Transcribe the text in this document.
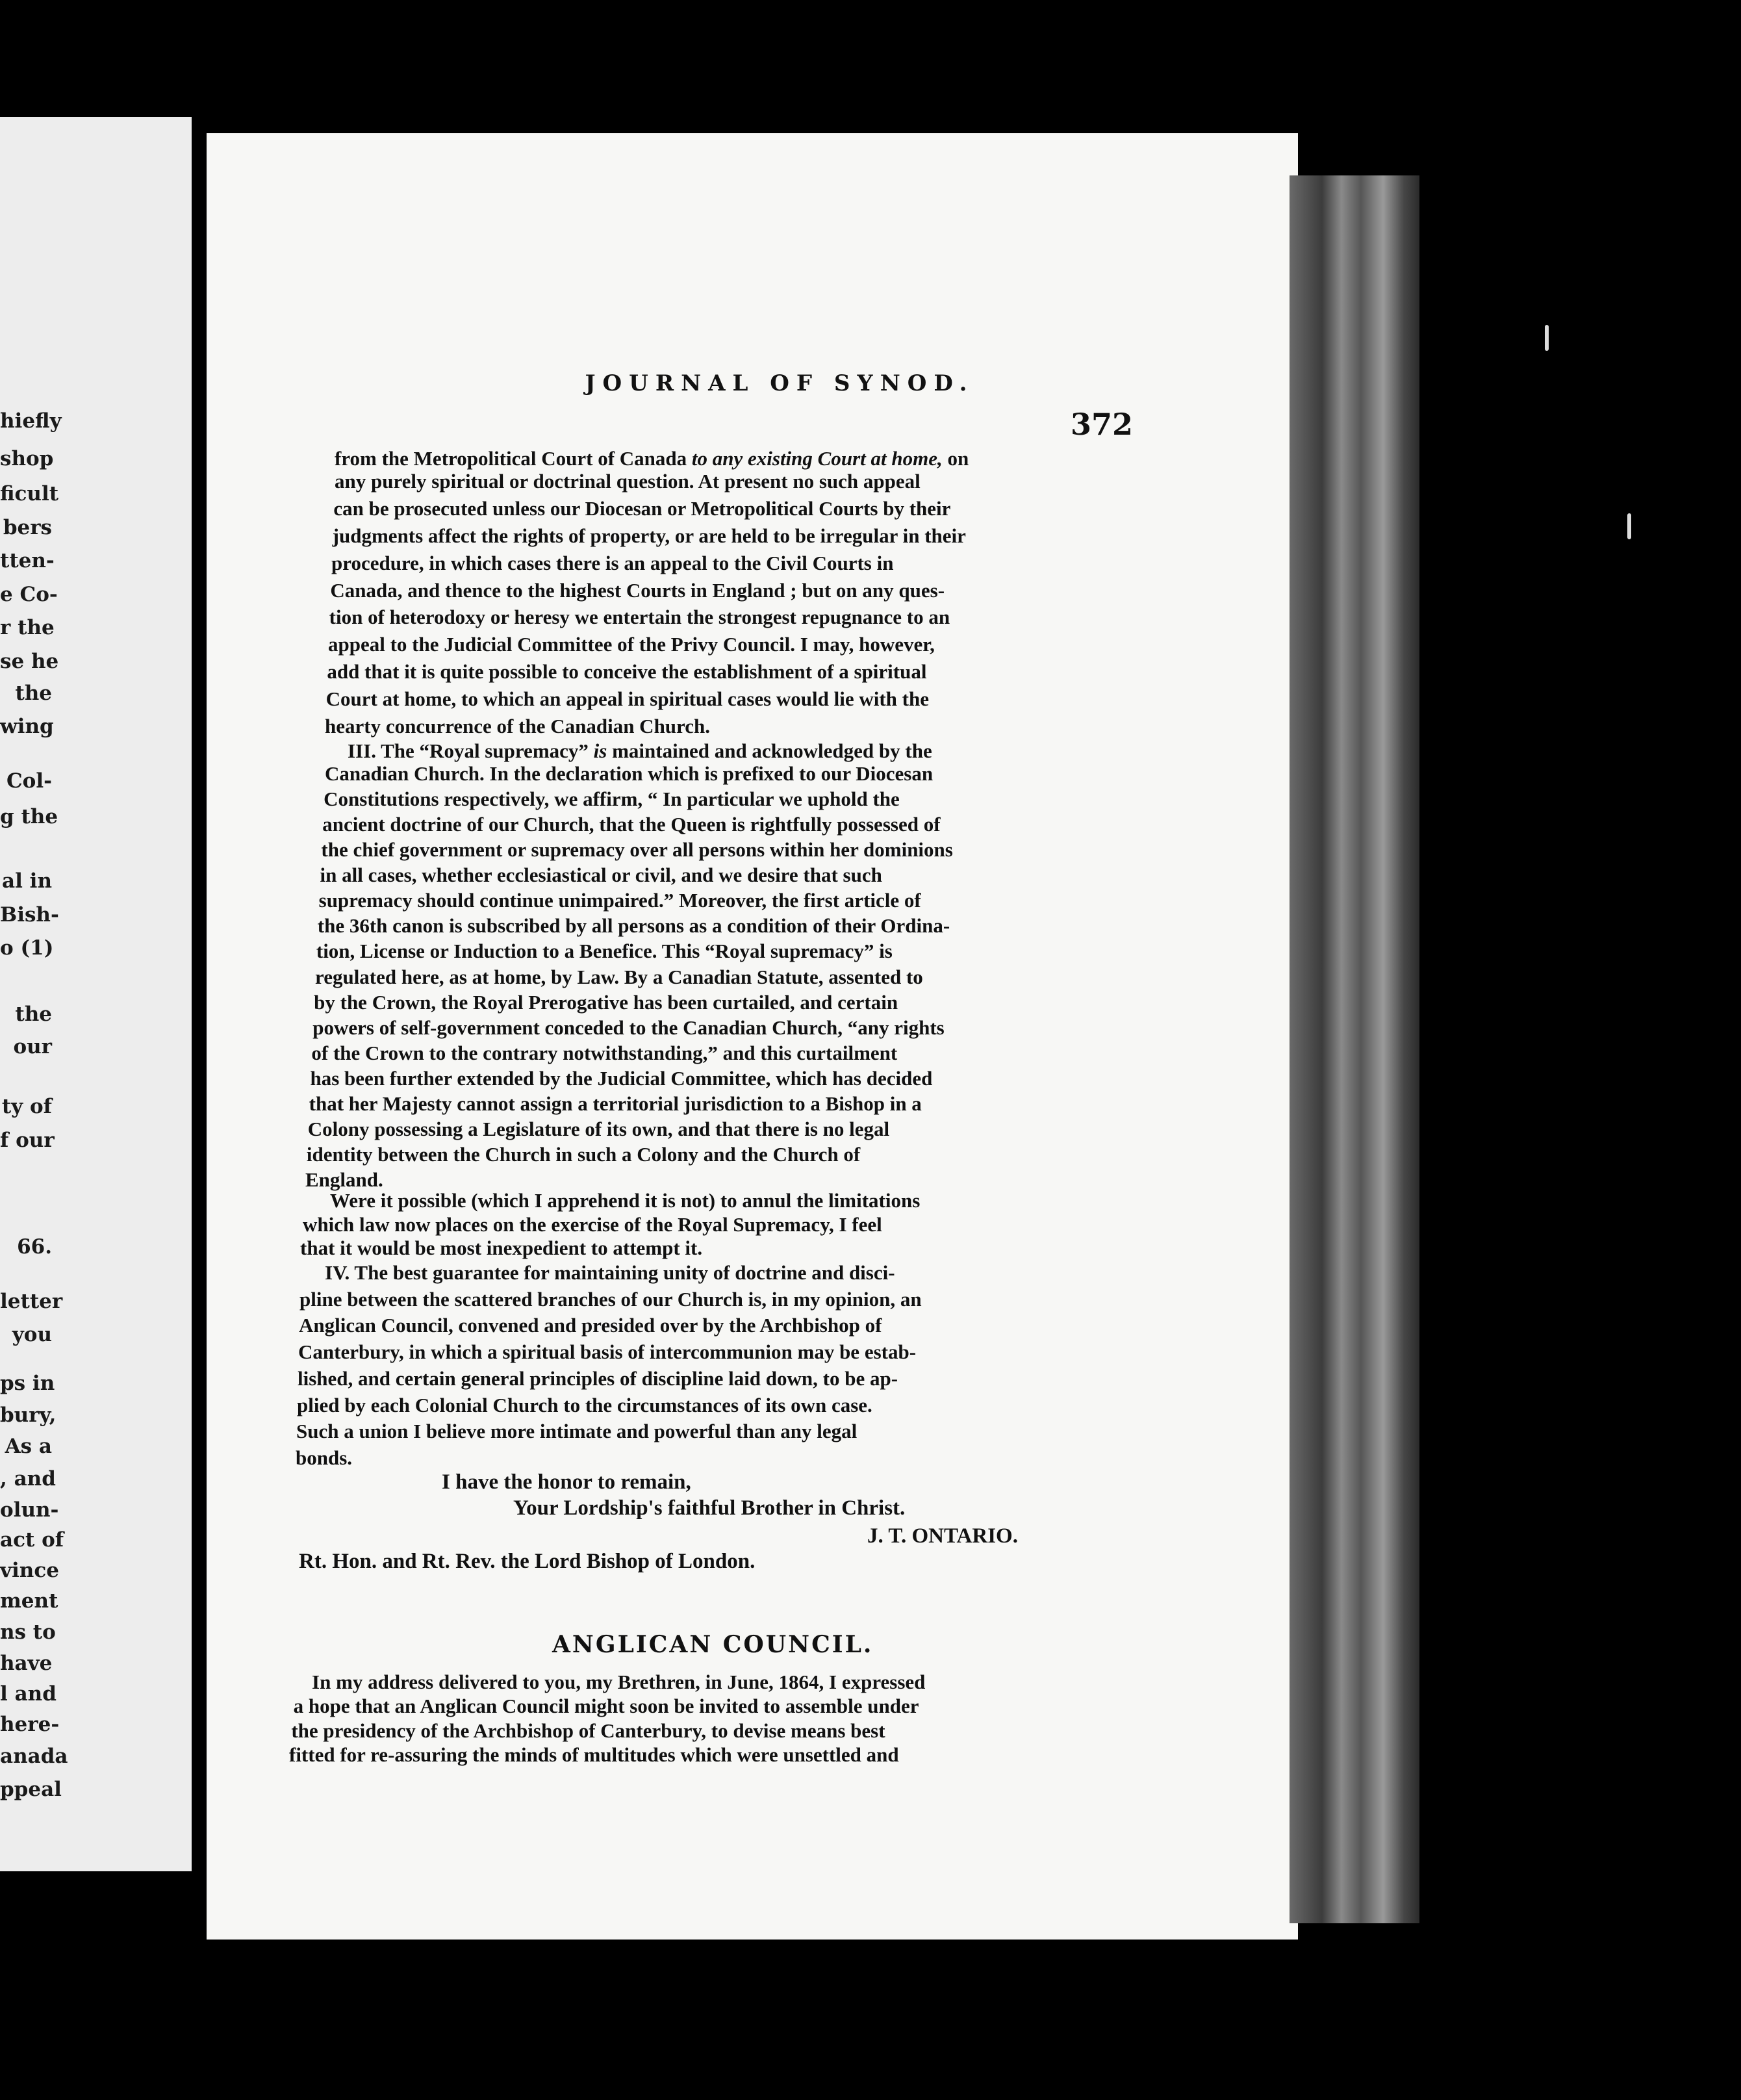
hiefly
shop
ficult
bers
tten-
e Co-
r the
se he
the
wing
Col-
g the
al in
Bish-
o (1)
the
our
ty of
f our
66.
letter
you
ps in
bury,
As a
, and
olun-
act of
vince
ment
ns to
have
l and
here-
anada
ppeal
JOURNAL OF SYNOD.
372
from the Metropolitical Court of Canada to any existing Court at home, on
any purely spiritual or doctrinal question. At present no such appeal
can be prosecuted unless our Diocesan or Metropolitical Courts by their
judgments affect the rights of property, or are held to be irregular in their
procedure, in which cases there is an appeal to the Civil Courts in
Canada, and thence to the highest Courts in England ; but on any ques-
tion of heterodoxy or heresy we entertain the strongest repugnance to an
appeal to the Judicial Committee of the Privy Council. I may, however,
add that it is quite possible to conceive the establishment of a spiritual
Court at home, to which an appeal in spiritual cases would lie with the
hearty concurrence of the Canadian Church.
III. The “Royal supremacy” is maintained and acknowledged by the
Canadian Church. In the declaration which is prefixed to our Diocesan
Constitutions respectively, we affirm, “ In particular we uphold the
ancient doctrine of our Church, that the Queen is rightfully possessed of
the chief government or supremacy over all persons within her dominions
in all cases, whether ecclesiastical or civil, and we desire that such
supremacy should continue unimpaired.” Moreover, the first article of
the 36th canon is subscribed by all persons as a condition of their Ordina-
tion, License or Induction to a Benefice. This “Royal supremacy” is
regulated here, as at home, by Law. By a Canadian Statute, assented to
by the Crown, the Royal Prerogative has been curtailed, and certain
powers of self-government conceded to the Canadian Church, “any rights
of the Crown to the contrary notwithstanding,” and this curtailment
has been further extended by the Judicial Committee, which has decided
that her Majesty cannot assign a territorial jurisdiction to a Bishop in a
Colony possessing a Legislature of its own, and that there is no legal
identity between the Church in such a Colony and the Church of
England.
Were it possible (which I apprehend it is not) to annul the limitations
which law now places on the exercise of the Royal Supremacy, I feel
that it would be most inexpedient to attempt it.
IV. The best guarantee for maintaining unity of doctrine and disci-
pline between the scattered branches of our Church is, in my opinion, an
Anglican Council, convened and presided over by the Archbishop of
Canterbury, in which a spiritual basis of intercommunion may be estab-
lished, and certain general principles of discipline laid down, to be ap-
plied by each Colonial Church to the circumstances of its own case.
Such a union I believe more intimate and powerful than any legal
bonds.
I have the honor to remain,
Your Lordship's faithful Brother in Christ.
J. T. ONTARIO.
Rt. Hon. and Rt. Rev. the Lord Bishop of London.
ANGLICAN COUNCIL.
In my address delivered to you, my Brethren, in June, 1864, I expressed
a hope that an Anglican Council might soon be invited to assemble under
the presidency of the Archbishop of Canterbury, to devise means best
fitted for re-assuring the minds of multitudes which were unsettled and
